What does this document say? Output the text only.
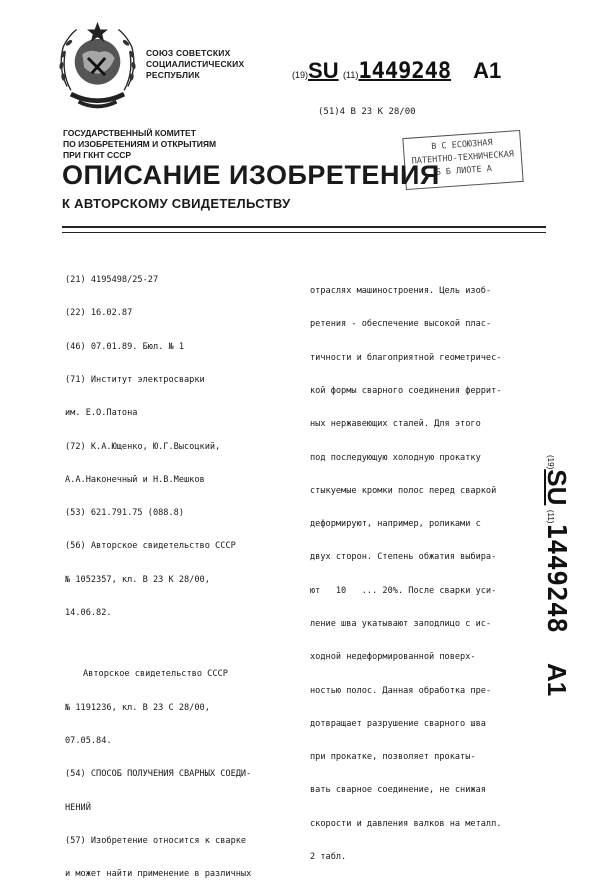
СОЮЗ СОВЕТСКИХ
СОЦИАЛИСТИЧЕСКИХ
РЕСПУБЛИК	(19)SU (11)1449248 A1
(51)4 В 23 К 28/00
ГОСУДАРСТВЕННЫЙ КОМИТЕТ
ПО ИЗОБРЕТЕНИЯМ И ОТКРЫТИЯМ
ПРИ ГКНТ СССР
В С ЕСОЮЗНАЯ
ПАТЕНТНО-ТЕХНИЧЕСКАЯ
Б Б ЛИОТЕ А
ОПИСАНИЕ ИЗОБРЕТЕНИЯ
К АВТОРСКОМУ СВИДЕТЕЛЬСТВУ

(21) 4195498/25-27

(22) 16.02.87

(46) 07.01.89. Бюл. № 1

(71) Институт электросварки

им. Е.О.Патона

(72) К.А.Ющенко, Ю.Г.Высоцкий,

А.А.Наконечный и Н.В.Мешков

(53) 621.791.75 (088.8)

(56) Авторское свидетельство СССР

№ 1052357, кл. В 23 К 28/00,

14.06.82.

Авторское свидетельство СССР

№ 1191236, кл. В 23 С 28/00,

07.05.84.

(54) СПОСОБ ПОЛУЧЕНИЯ СВАРНЫХ СОЕДИ-

НЕНИЙ

(57) Изобретение относится к сварке

и может найти применение в различных

отраслях машиностроения. Цель изоб-

ретения - обеспечение высокой плас-

тичности и благоприятной геометричес-

кой формы сварного соединения феррит-

ных нержавеющих сталей. Для этого

под последующую холодную прокатку

стыкуемые кромки полос перед сваркой

деформируют, например, роликами с

двух сторон. Степень обжатия выбира-

ют   10   ... 20%. После сварки уси-

ление шва укатывают заподлицо с ис-

ходной недеформированной поверх-

ностью полос. Данная обработка пре-

дотвращает разрушение сварного шва

при прокатке, позволяет прокаты-

вать сварное соединение, не снижая

скорости и давления валков на металл.

2 табл.

(19)SU (11)1449248A1
